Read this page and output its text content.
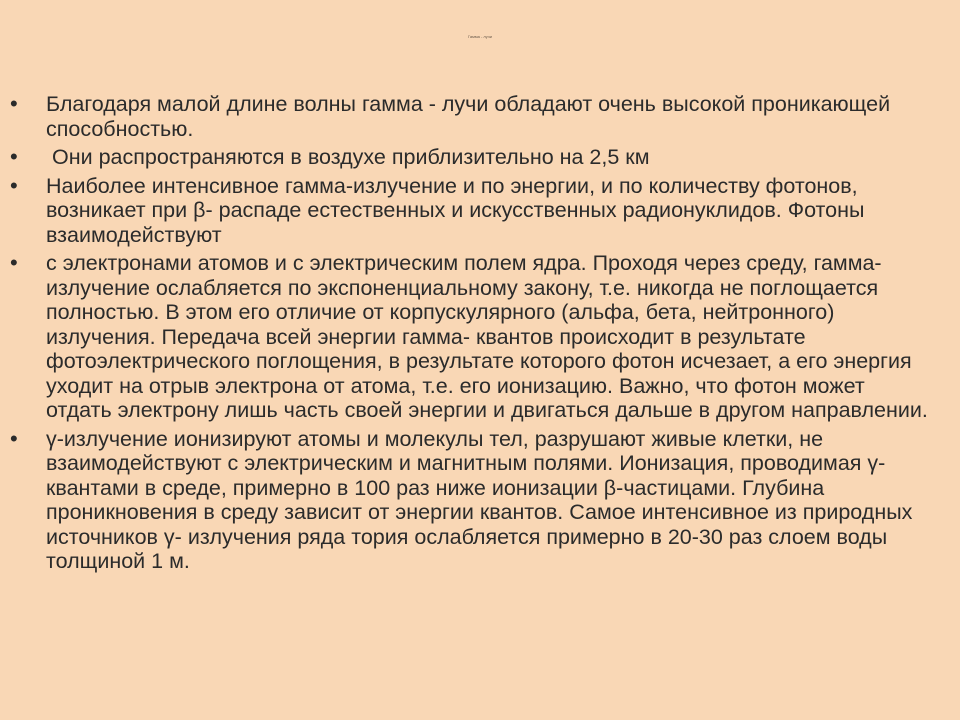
Гамма - лучи
•	Благодаря малой длине волны гамма - лучи обладают очень высокой проникающей способностью.
•	Они распространяются в воздухе приблизительно на 2,5 км
•	Наиболее интенсивное гамма-излучение и по энергии, и по количеству фотонов, возникает при β- распаде естественных и искусственных радионуклидов. Фотоны взаимодействуют
•	с электронами атомов и с электрическим полем ядра. Проходя через среду, гамма-излучение ослабляется по экспоненциальному закону, т.е. никогда не поглощается полностью. В этом его отличие от корпускулярного (альфа, бета, нейтронного) излучения. Передача всей энергии гамма- квантов происходит в результате фотоэлектрического поглощения, в результате которого фотон исчезает, а его энергия уходит на отрыв электрона от атома, т.е. его ионизацию. Важно, что фотон может отдать электрону лишь часть своей энергии и двигаться дальше в другом направлении.
•	γ-излучение ионизируют атомы и молекулы тел, разрушают живые клетки, не взаимодействуют с электрическим и магнитным полями. Ионизация, проводимая γ- квантами в среде, примерно в 100 раз ниже ионизации β-частицами. Глубина проникновения в среду зависит от энергии квантов. Самое интенсивное из природных источников γ- излучения ряда тория ослабляется примерно в 20-30 раз слоем воды толщиной 1 м.
